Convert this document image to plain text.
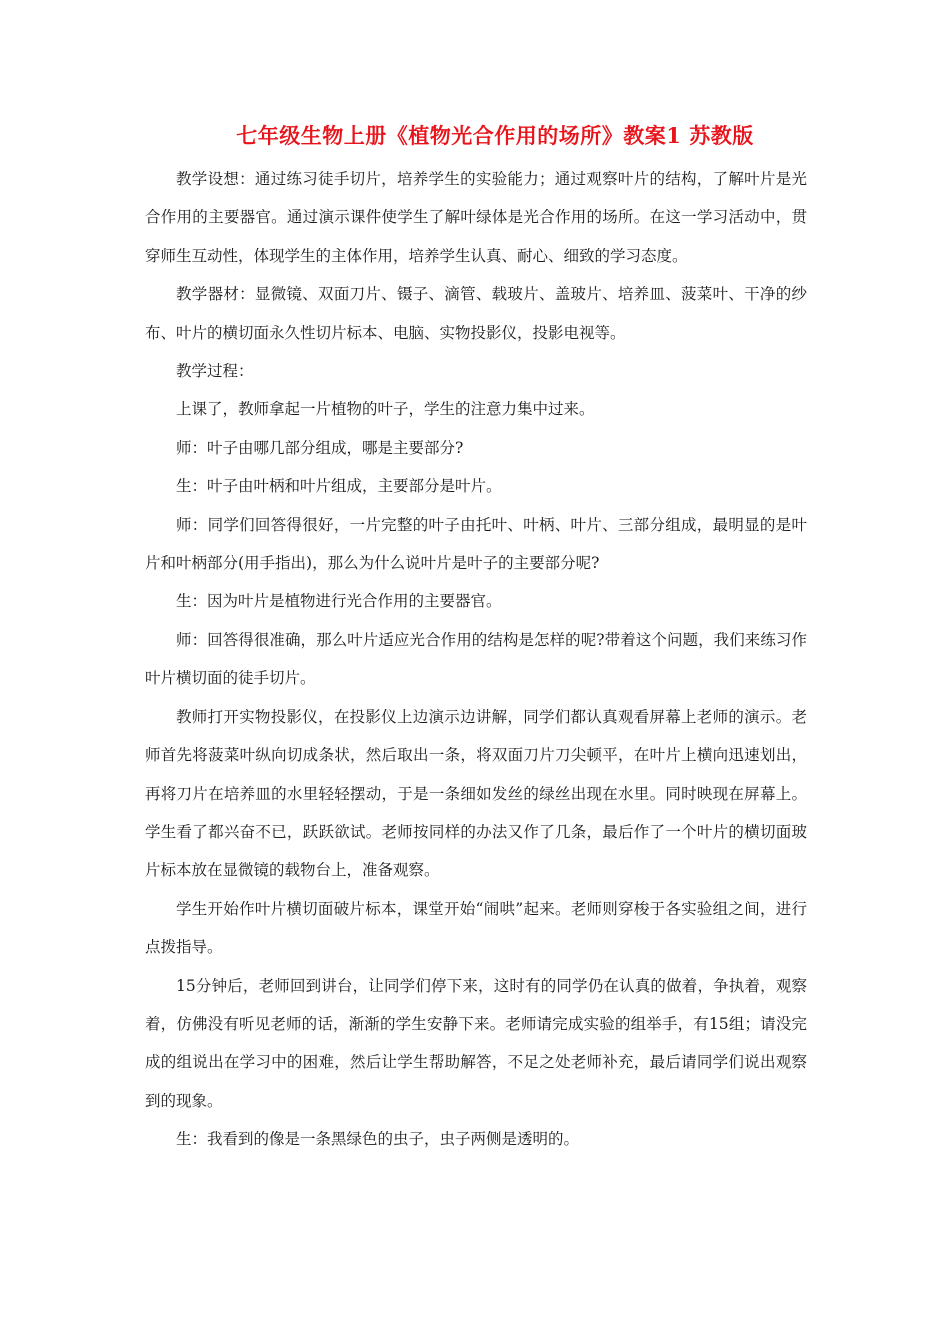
七年级生物上册《植物光合作用的场所》教案1 苏教版

教学设想：通过练习徒手切片，培养学生的实验能力；通过观察叶片的结构，了解叶片是光合作用的主要器官。通过演示课件使学生了解叶绿体是光合作用的场所。在这一学习活动中，贯穿师生互动性，体现学生的主体作用，培养学生认真、耐心、细致的学习态度。

教学器材：显微镜、双面刀片、镊子、滴管、载玻片、盖玻片、培养皿、菠菜叶、干净的纱布、叶片的横切面永久性切片标本、电脑、实物投影仪，投影电视等。

教学过程：

上课了，教师拿起一片植物的叶子，学生的注意力集中过来。

师：叶子由哪几部分组成，哪是主要部分?

生：叶子由叶柄和叶片组成，主要部分是叶片。

师：同学们回答得很好，一片完整的叶子由托叶、叶柄、叶片、三部分组成，最明显的是叶片和叶柄部分(用手指出)，那么为什么说叶片是叶子的主要部分呢?

生：因为叶片是植物进行光合作用的主要器官。

师：回答得很准确，那么叶片适应光合作用的结构是怎样的呢?带着这个问题，我们来练习作叶片横切面的徒手切片。

教师打开实物投影仪，在投影仪上边演示边讲解，同学们都认真观看屏幕上老师的演示。老师首先将菠菜叶纵向切成条状，然后取出一条，将双面刀片刀尖顿平，在叶片上横向迅速划出，再将刀片在培养皿的水里轻轻摆动，于是一条细如发丝的绿丝出现在水里。同时映现在屏幕上。学生看了都兴奋不已，跃跃欲试。老师按同样的办法又作了几条，最后作了一个叶片的横切面玻片标本放在显微镜的载物台上，准备观察。

学生开始作叶片横切面破片标本，课堂开始“闹哄”起来。老师则穿梭于各实验组之间，进行点拨指导。

15分钟后，老师回到讲台，让同学们停下来，这时有的同学仍在认真的做着，争执着，观察着，仿佛没有听见老师的话，渐渐的学生安静下来。老师请完成实验的组举手，有15组；请没完成的组说出在学习中的困难，然后让学生帮助解答，不足之处老师补充，最后请同学们说出观察到的现象。

生：我看到的像是一条黑绿色的虫子，虫子两侧是透明的。
